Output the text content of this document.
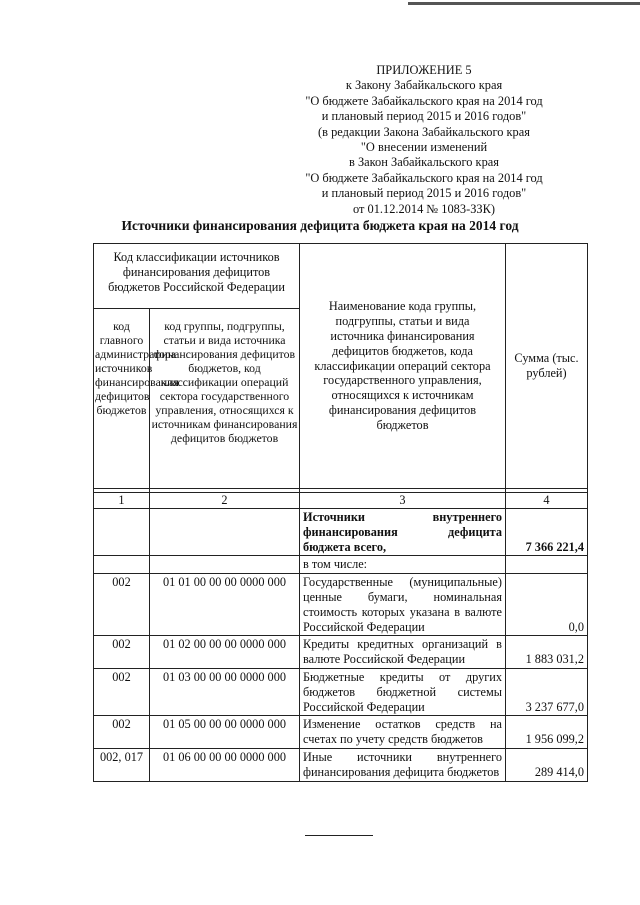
ПРИЛОЖЕНИЕ 5
к Закону Забайкальского края
"О бюджете Забайкальского края на 2014 год
и плановый период 2015 и 2016 годов"
(в редакции Закона Забайкальского края
"О внесении изменений
в Закон Забайкальского края
"О бюджете Забайкальского края на 2014 год
и плановый период 2015 и 2016 годов"
от 01.12.2014 № 1083-ЗЗК)
Источники финансирования дефицита бюджета края на 2014 год
Код классификации источников финансирования дефицитов бюджетов Российской Федерации		Наименование кода группы, подгруппы, статьи и вида источника финансирования дефицитов бюджетов, кода классификации операций сектора государственного управления, относящихся к источникам финансирования дефицитов бюджетов	Сумма (тыс. рублей)
код главного администратора источников финансирования дефицитов бюджетов	код группы, подгруппы, статьи и вида источника финансирования дефицитов бюджетов, код классификации операций сектора государственного управления, относящихся к источникам финансирования дефицитов бюджетов		

1	2	3	4
		Источники внутреннего финансирования дефицита бюджета всего,	7 366 221,4
		в том числе:	
002	01 01 00 00 00 0000 000	Государственные (муниципальные) ценные бумаги, номинальная стоимость которых указана в валюте Российской Федерации	0,0
002	01 02 00 00 00 0000 000	Кредиты кредитных организаций в валюте Российской Федерации	1 883 031,2
002	01 03 00 00 00 0000 000	Бюджетные кредиты от других бюджетов бюджетной системы Российской Федерации	3 237 677,0
002	01 05 00 00 00 0000 000	Изменение остатков средств на счетах по учету средств бюджетов	1 956 099,2
002, 017	01 06 00 00 00 0000 000	Иные источники внутреннего финансирования дефицита бюджетов	289 414,0
